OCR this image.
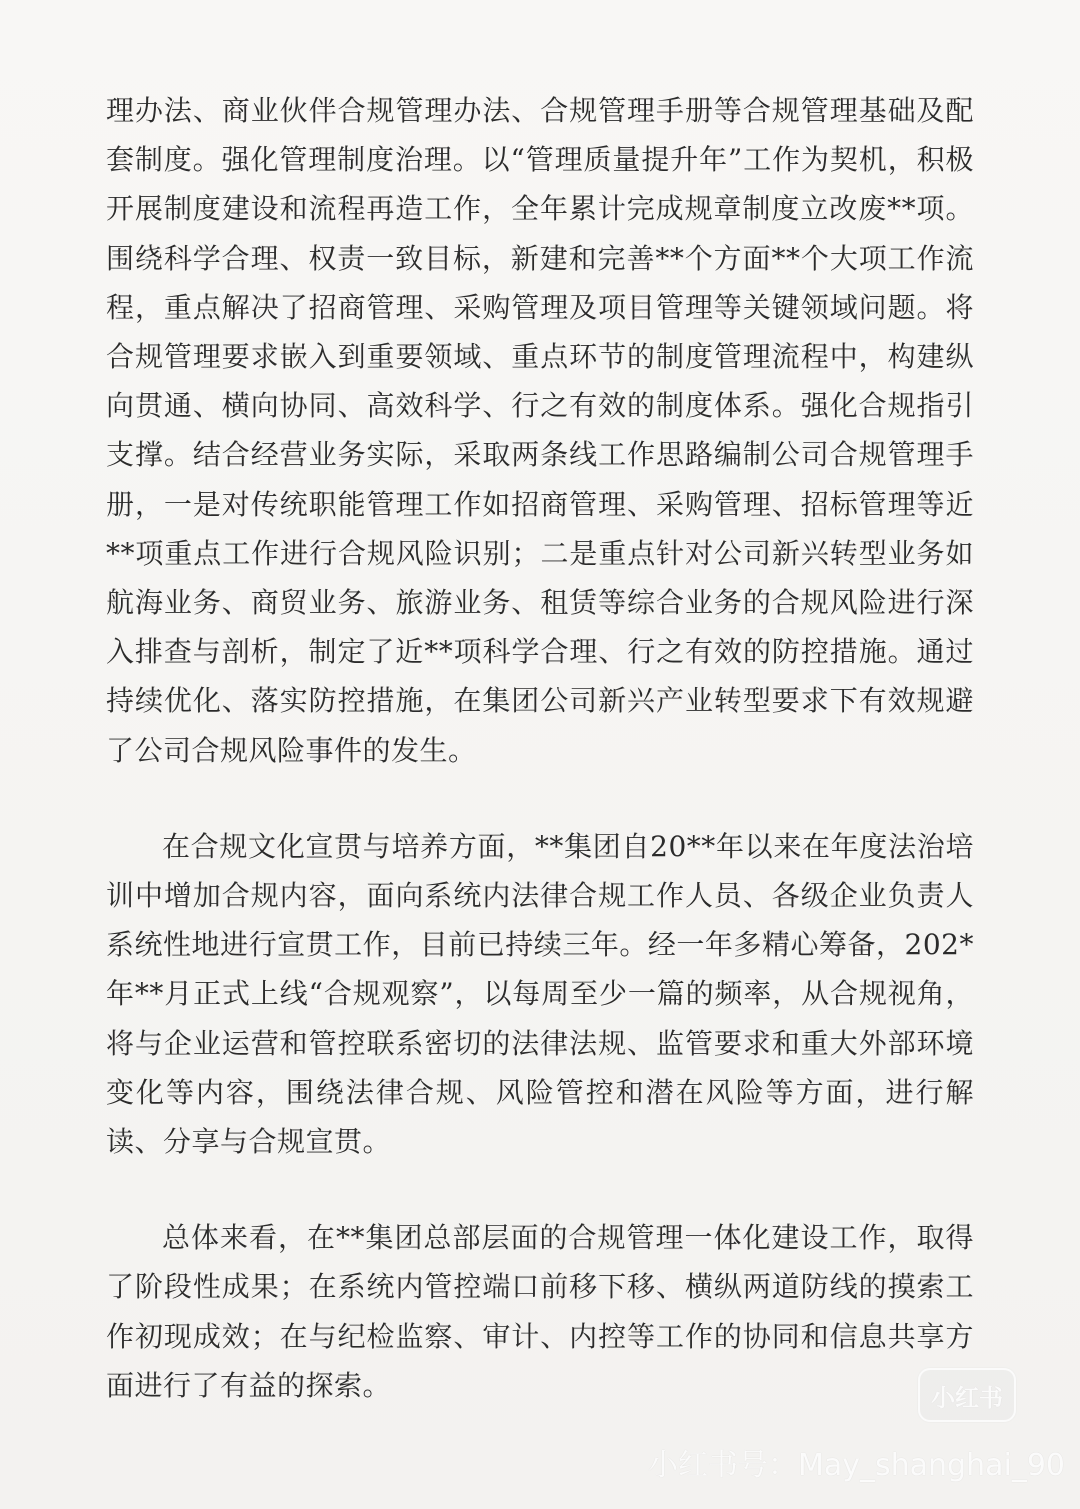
理办法、商业伙伴合规管理办法、合规管理手册等合规管理基础及配套制度。强化管理制度治理。以“管理质量提升年”工作为契机，积极开展制度建设和流程再造工作，全年累计完成规章制度立改废**项。围绕科学合理、权责一致目标，新建和完善**个方面**个大项工作流程，重点解决了招商管理、采购管理及项目管理等关键领域问题。将合规管理要求嵌入到重要领域、重点环节的制度管理流程中，构建纵向贯通、横向协同、高效科学、行之有效的制度体系。强化合规指引支撑。结合经营业务实际，采取两条线工作思路编制公司合规管理手册，一是对传统职能管理工作如招商管理、采购管理、招标管理等近**项重点工作进行合规风险识别；二是重点针对公司新兴转型业务如航海业务、商贸业务、旅游业务、租赁等综合业务的合规风险进行深入排查与剖析，制定了近**项科学合理、行之有效的防控措施。通过持续优化、落实防控措施，在集团公司新兴产业转型要求下有效规避了公司合规风险事件的发生。

在合规文化宣贯与培养方面，**集团自20**年以来在年度法治培训中增加合规内容，面向系统内法律合规工作人员、各级企业负责人系统性地进行宣贯工作，目前已持续三年。经一年多精心筹备，202*年**月正式上线“合规观察”，以每周至少一篇的频率，从合规视角，将与企业运营和管控联系密切的法律法规、监管要求和重大外部环境变化等内容，围绕法律合规、风险管控和潜在风险等方面，进行解读、分享与合规宣贯。

总体来看，在**集团总部层面的合规管理一体化建设工作，取得了阶段性成果；在系统内管控端口前移下移、横纵两道防线的摸索工作初现成效；在与纪检监察、审计、内控等工作的协同和信息共享方面进行了有益的探索。	小红书
小红书号：May_shanghai_90
